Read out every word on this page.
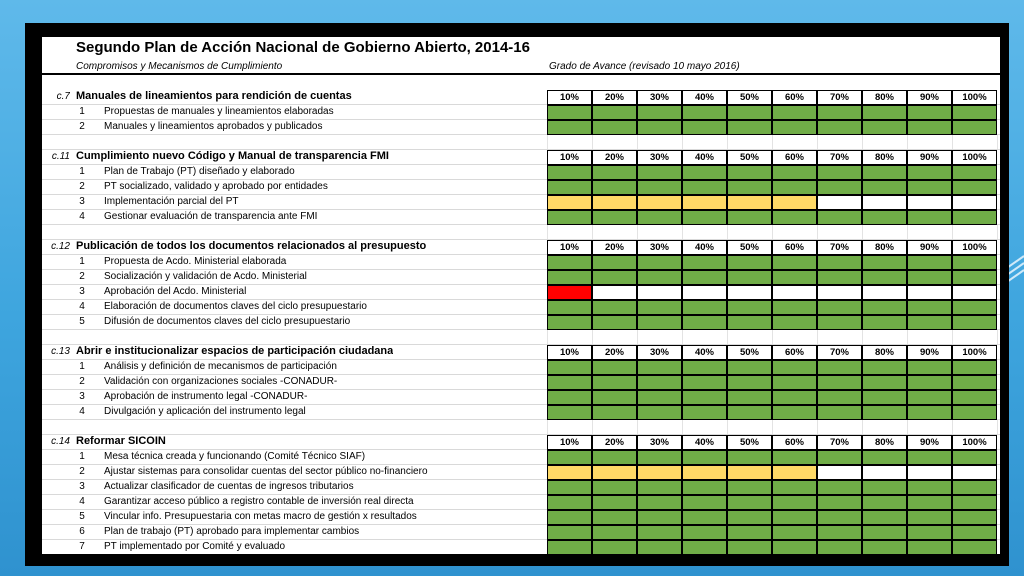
Segundo Plan de Acción Nacional de Gobierno Abierto, 2014-16
Compromisos y Mecanismos de Cumplimiento	Grado de Avance (revisado 10 mayo 2016)
c.7 Manuales de lineamientos para rendición de cuentas	10%	20%	30%	40%	50%	60%	70%	80%	90%	100%
1	Propuestas de manuales y lineamientos elaboradas
2	Manuales y lineamientos aprobados y publicados
c.11 Cumplimiento nuevo Código y Manual de transparencia FMI	10%	20%	30%	40%	50%	60%	70%	80%	90%	100%
1	Plan de Trabajo (PT) diseñado y elaborado
2	PT socializado, validado y aprobado por entidades
3	Implementación parcial del PT
4	Gestionar evaluación de transparencia ante FMI
c.12 Publicación de todos los documentos relacionados al presupuesto	10%	20%	30%	40%	50%	60%	70%	80%	90%	100%
1	Propuesta de Acdo. Ministerial elaborada
2	Socialización y validación de Acdo. Ministerial
3	Aprobación del Acdo. Ministerial
4	Elaboración de documentos claves del ciclo presupuestario
5	Difusión de documentos claves del ciclo presupuestario
c.13 Abrir e institucionalizar espacios de participación ciudadana	10%	20%	30%	40%	50%	60%	70%	80%	90%	100%
1	Análisis y definición de mecanismos de participación
2	Validación con organizaciones sociales -CONADUR-
3	Aprobación de instrumento legal -CONADUR-
4	Divulgación y aplicación del instrumento legal
c.14 Reformar SICOIN	10%	20%	30%	40%	50%	60%	70%	80%	90%	100%
1	Mesa técnica creada y funcionando (Comité Técnico SIAF)
2	Ajustar sistemas para consolidar cuentas del sector público no-financiero
3	Actualizar clasificador de cuentas de ingresos tributarios
4	Garantizar acceso público a registro contable de inversión real directa
5	Vincular info. Presupuestaria con metas macro de gestión x resultados
6	Plan de trabajo (PT) aprobado para implementar cambios
7	PT implementado por Comité y evaluado
